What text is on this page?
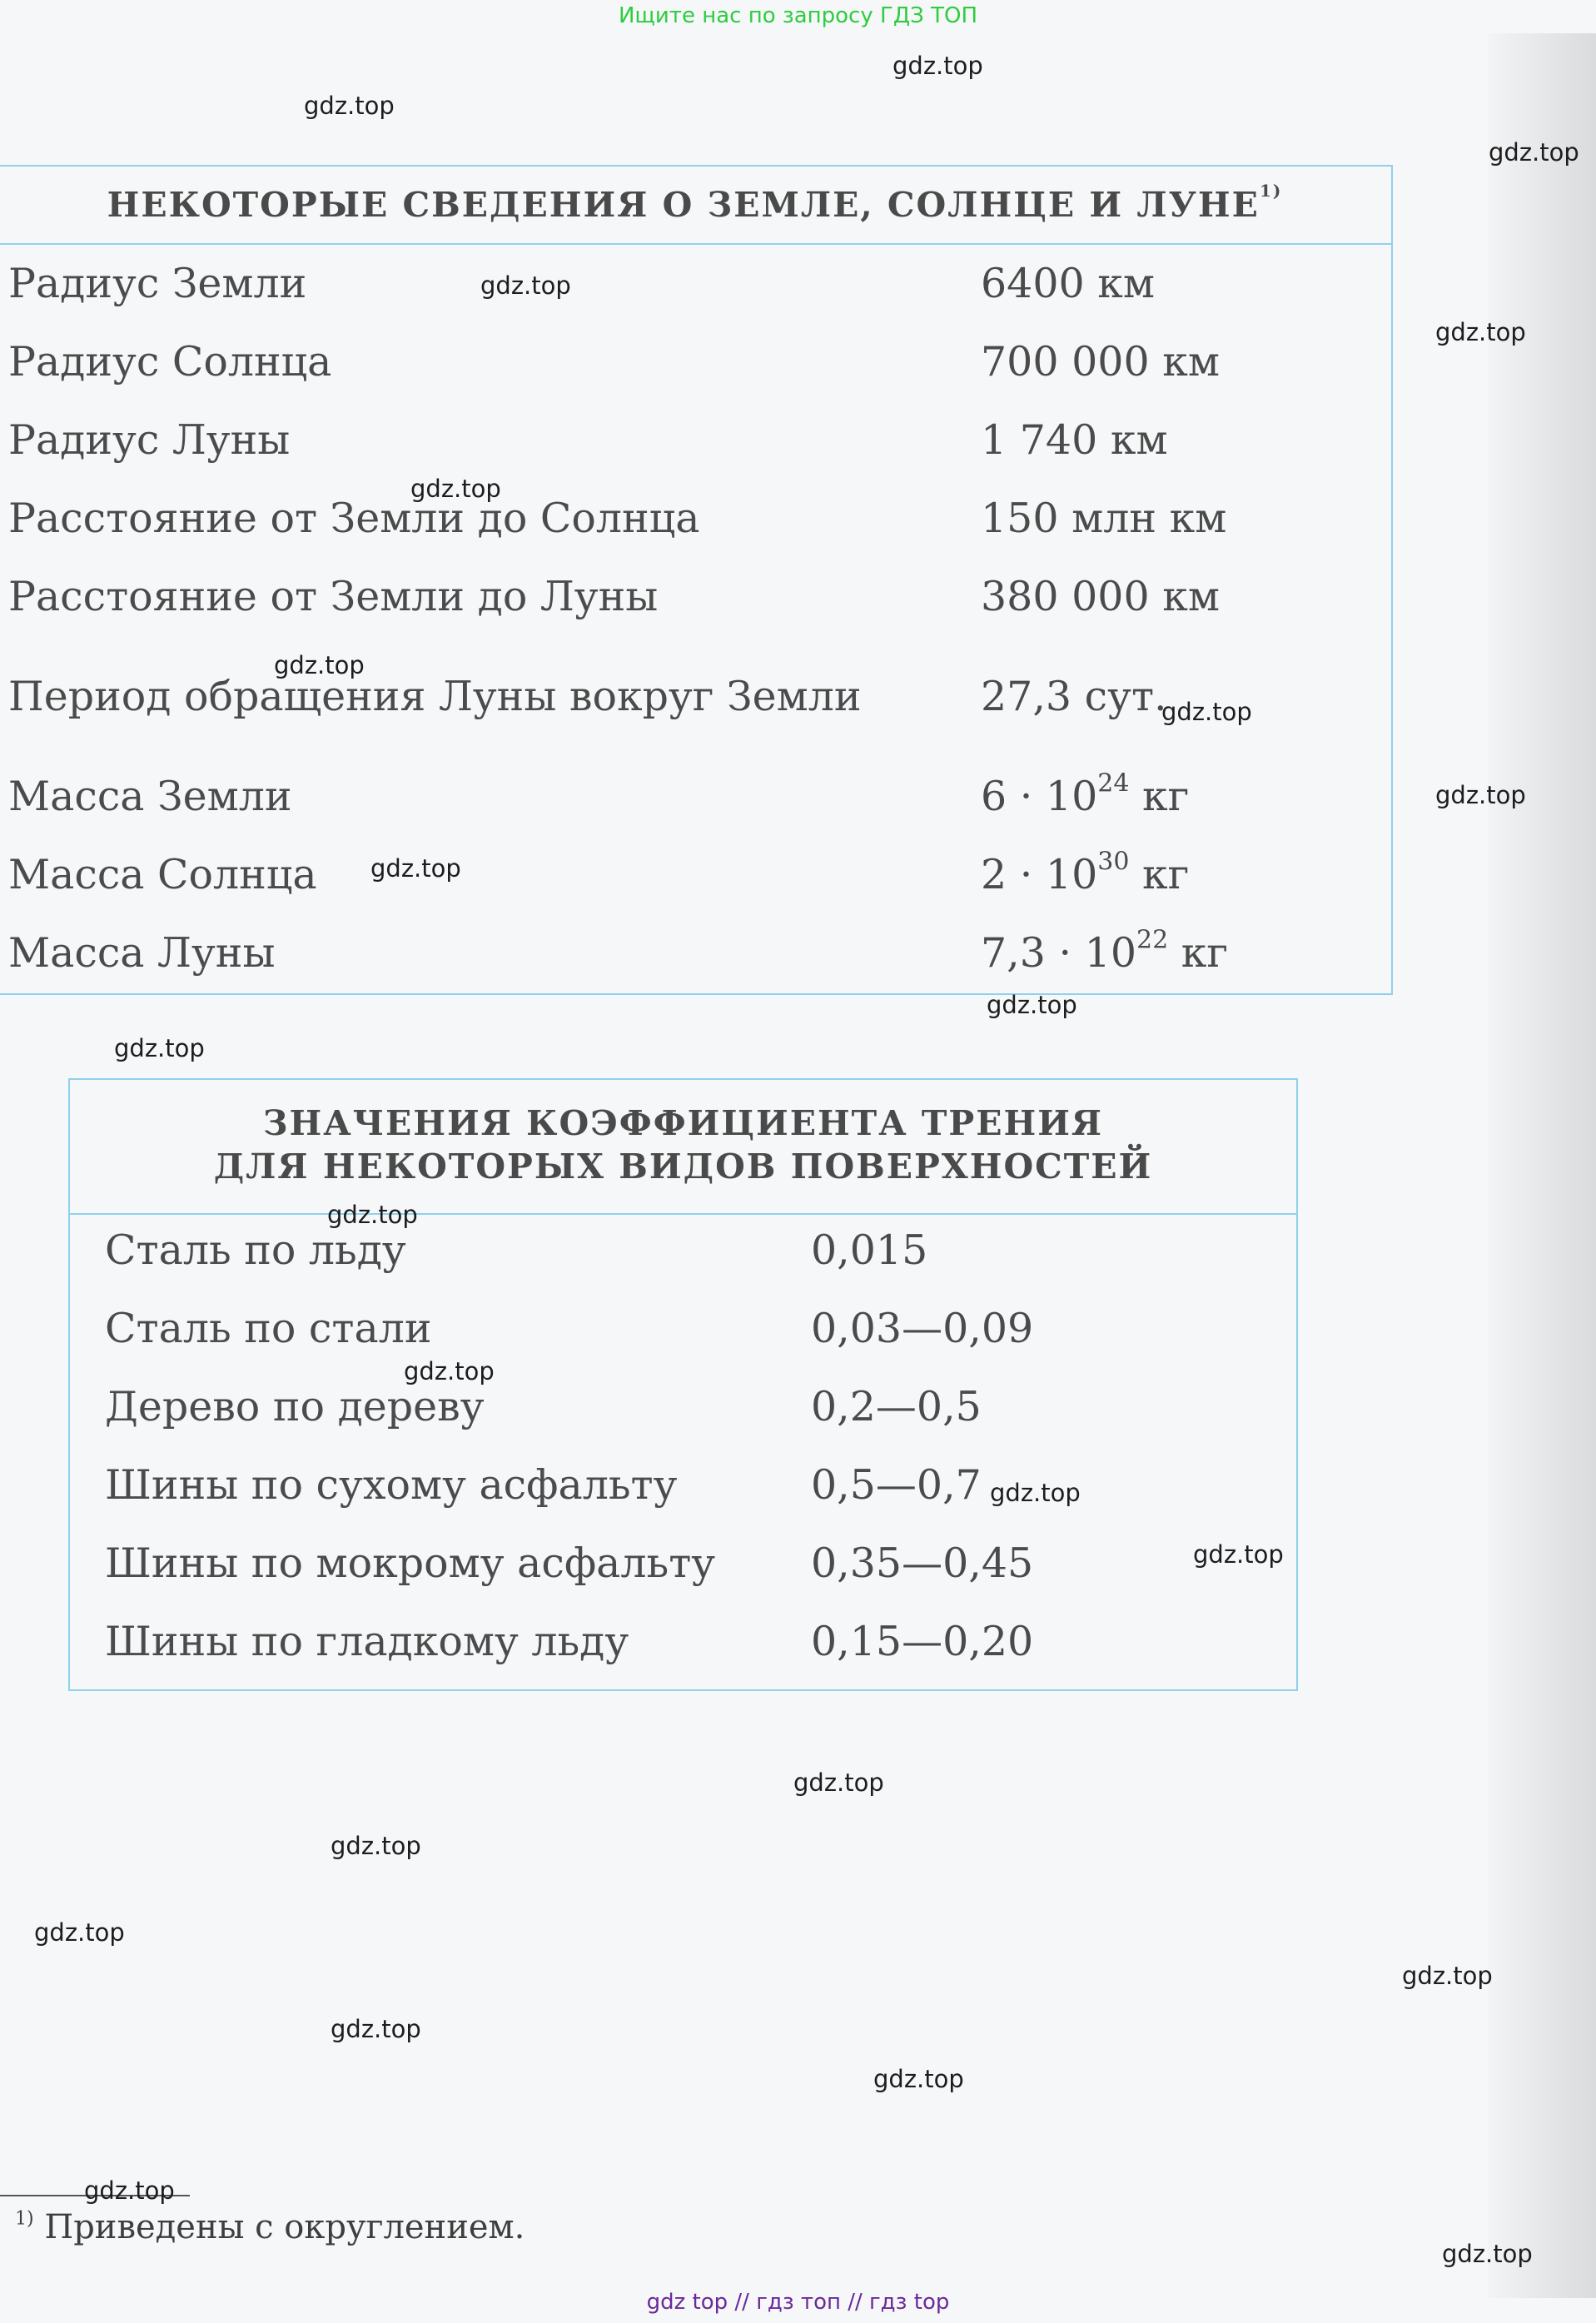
Ищите нас по запросу ГДЗ ТОП
НЕКОТОРЫЕ СВЕДЕНИЯ О ЗЕМЛЕ, СОЛНЦЕ И ЛУНЕ$^{1)}$
Радиус Земли	6400 км
Радиус Солнца	700 000 км
Радиус Луны	1 740 км
Расстояние от Земли до Солнца	150 млн км
Расстояние от Земли до Луны	380 000 км
Период обращения Луны вокруг Земли	27,3 сут.
Масса Земли	$6 \cdot 10^{24}$ кг
Масса Солнца	$2 \cdot 10^{30}$ кг
Масса Луны	$7,3 \cdot 10^{22}$ кг
ЗНАЧЕНИЯ КОЭФФИЦИЕНТА ТРЕНИЯ
ДЛЯ НЕКОТОРЫХ ВИДОВ ПОВЕРХНОСТЕЙ
Сталь по льду	0,015
Сталь по стали	0,03—0,09
Дерево по дереву	0,2—0,5
Шины по сухому асфальту	0,5—0,7
Шины по мокрому асфальту 0,35—0,45
Шины по гладкому льду	0,15—0,20
$^{1)}$ Приведены с округлением.
gdz.top
gdz.top
gdz.top
gdz.top
gdz.top
gdz.top
gdz.top
gdz.top
gdz.top
gdz.top
gdz.top
gdz.top
gdz.top
gdz.top
gdz.top
gdz.top
gdz.top
gdz.top
gdz.top
gdz.top
gdz.top
gdz.top
gdz.top
gdz.top
gdz top // гдз топ // гдз top
